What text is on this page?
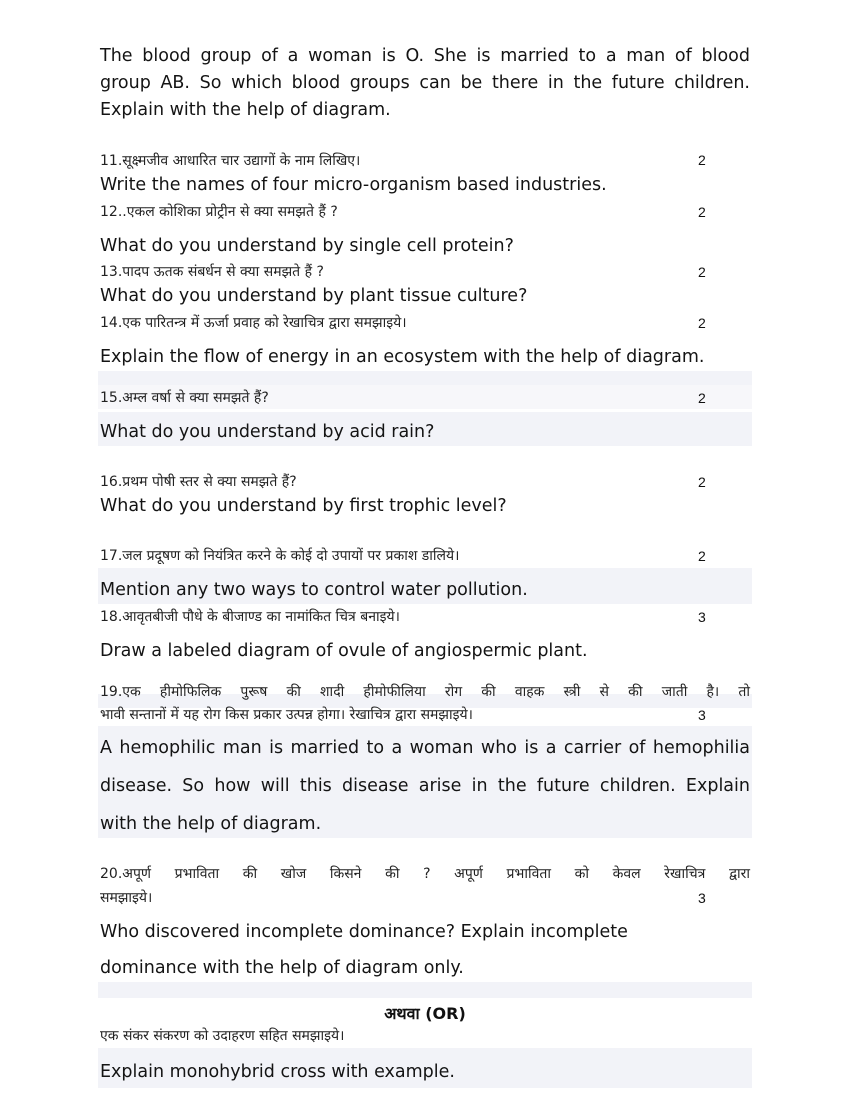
The blood group of a woman is O. She is married to a man of blood
group AB. So which blood groups can be there in the future children.
Explain with the help of diagram.
11.सूक्ष्मजीव आधारित चार उद्यागों के नाम लिखिए।	2
Write the names of four micro-organism based industries.
12..एकल कोशिका प्रोट्रीन से क्या समझते हैं ?	2
What do you understand by single cell protein?
13.पादप ऊतक संबर्धन से क्या समझते हैं ?	2
What do you understand by plant tissue culture?
14.एक पारितन्त्र में ऊर्जा प्रवाह को रेखाचित्र द्वारा समझाइये।	2
Explain the flow of energy in an ecosystem with the help of diagram.
15.अम्ल वर्षा से क्या समझते हैं?	2
What do you understand by acid rain?
16.प्रथम पोषी स्तर से क्या समझते हैं?	2
What do you understand by first trophic level?
17.जल प्रदूषण को नियंत्रित करने के कोई दो उपायों पर प्रकाश डालिये।	2
Mention any two ways to control water pollution.
18.आवृतबीजी पौधे के बीजाण्ड का नामांकित चित्र बनाइये।	3
Draw a labeled diagram of ovule of angiospermic plant.
19.एक हीमोफिलिक पुरूष की शादी हीमोफीलिया रोग की वाहक स्त्री से की जाती है। तो
भावी सन्तानों में यह रोग किस प्रकार उत्पन्न होगा। रेखाचित्र द्वारा समझाइये।	3
A hemophilic man is married to a woman who is a carrier of hemophilia
disease. So how will this disease arise in the future children. Explain
with the help of diagram.
20.अपूर्ण प्रभाविता की खोज किसने की ? अपूर्ण प्रभाविता को केवल रेखाचित्र द्वारा
समझाइये।	3
Who discovered incomplete dominance? Explain incomplete
dominance with the help of diagram only.
अथवा (OR)
एक संकर संकरण को उदाहरण सहित समझाइये।
Explain monohybrid cross with example.
